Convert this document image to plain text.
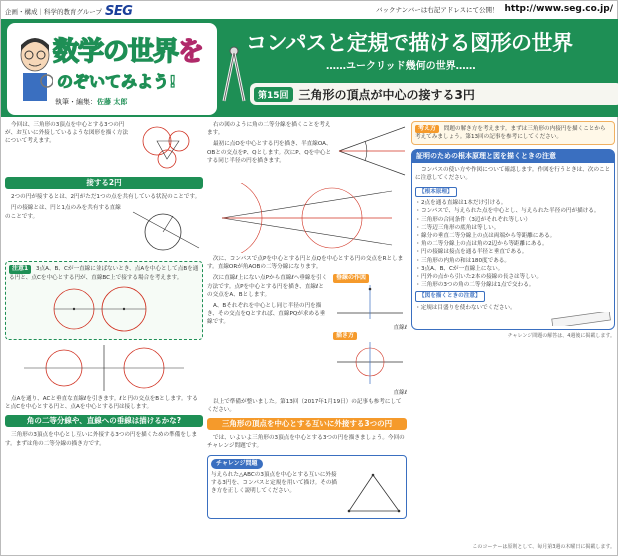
企画・構成｜科学的教育グループ SEG	バックナンバーは右記アドレスにて公開！ http://www.seg.co.jp/
コンパスと定規で描ける図形の世界
……ユークリッド幾何の世界……
第15回 三角形の頂点が中心の接する3円
数学の世界を
のぞいてみよう!
執筆・編集：佐藤 太郎

今回は、三角形の3頂点を中心とする3つの円が、お互いに外接しているような図形を描く方法について考えます。

接する2円

2つの円が接するとは、2円がただ1つの点を共有している状況のことです。

円の接線とは、円と1点のみを共有する直線のことです。

注意1 3点A、B、Cが一直線に並ばないとき、点Aを中心として点Bを通る円と、点Cを中心とする円が、直線BC上で接する場合を考えます。

点Aを通り、ACと垂直な直線ℓを引きます。ℓと円の交点をBとします。すると点Cを中心とする円と、点Aを中心とする円は接します。

角の二等分線や、直線への垂線は描けるかな?

三角形の3頂点を中心とし互いに外接する3つの円を描くための準備をします。まずは角の二等分線の描き方です。

右の図のように角の二等分線を描くことを考えます。

最初に点Oを中心とする円を描き、半直線OA、OBとの交点をP、Qとします。次にP、Qを中心とする同じ半径の円を描きます。

次に、コンパスで点Pを中心とする円と点Qを中心とする円の交点をRとします。直線ORが角AOBの二等分線になります。

次に直線ℓ上にない点Pから直線ℓへ垂線を引く方法です。点Pを中心とする円を描き、直線ℓとの交点をA、Bとします。

A、Bそれぞれを中心とし同じ半径の円を描き、その交点をQとすれば、直線PQが求める垂線です。

垂線の作図
直線ℓ
描き方
直線ℓ

以上で準備が整いました。第13回（2017年1月19日）の記事も参考にしてください。

三角形の頂点を中心とする互いに外接する3つの円

では、いよいよ三角形の3頂点を中心とする3つの円を描きましょう。今回のチャレンジ問題です。

チャレンジ問題

与えられた△ABCの3頂点を中心とする互いに外接する3円を、コンパスと定規を用いて描け。その描き方を正しく説明してください。

考え方 問題の解き方を考えます。まずは三角形の内接円を描くことから考えてみましょう。第13回の記事を参考にしてください。
証明のための根本原理と図を描くときの注意

コンパスの使い方や作図について確認します。作図を行うときは、次のことに注意してください。

【根本原理】
・ 2点を通る直線は1本だけ引ける。
・ コンパスで、与えられた点を中心とし、与えられた半径の円が描ける。
・ 三角形の合同条件（3辺がそれぞれ等しい）
・ 二等辺三角形の底角は等しい。
・ 線分の垂直二等分線上の点は両端から等距離にある。
・ 角の二等分線上の点は角の2辺から等距離にある。
・ 円の接線は接点を通る半径と垂直である。
・ 三角形の内角の和は180度である。
・ 3点A、B、Cが一直線上にない。
・ 円外の点から引いた2本の接線の長さは等しい。
・ 三角形の3つの角の二等分線は1点で交わる。
【図を描くときの注意】
・定規は目盛りを使わないでください。
チャレンジ問題の解答は、4週後に掲載します。
このコーナーは原則として、毎月第3週の木曜日に掲載します。
